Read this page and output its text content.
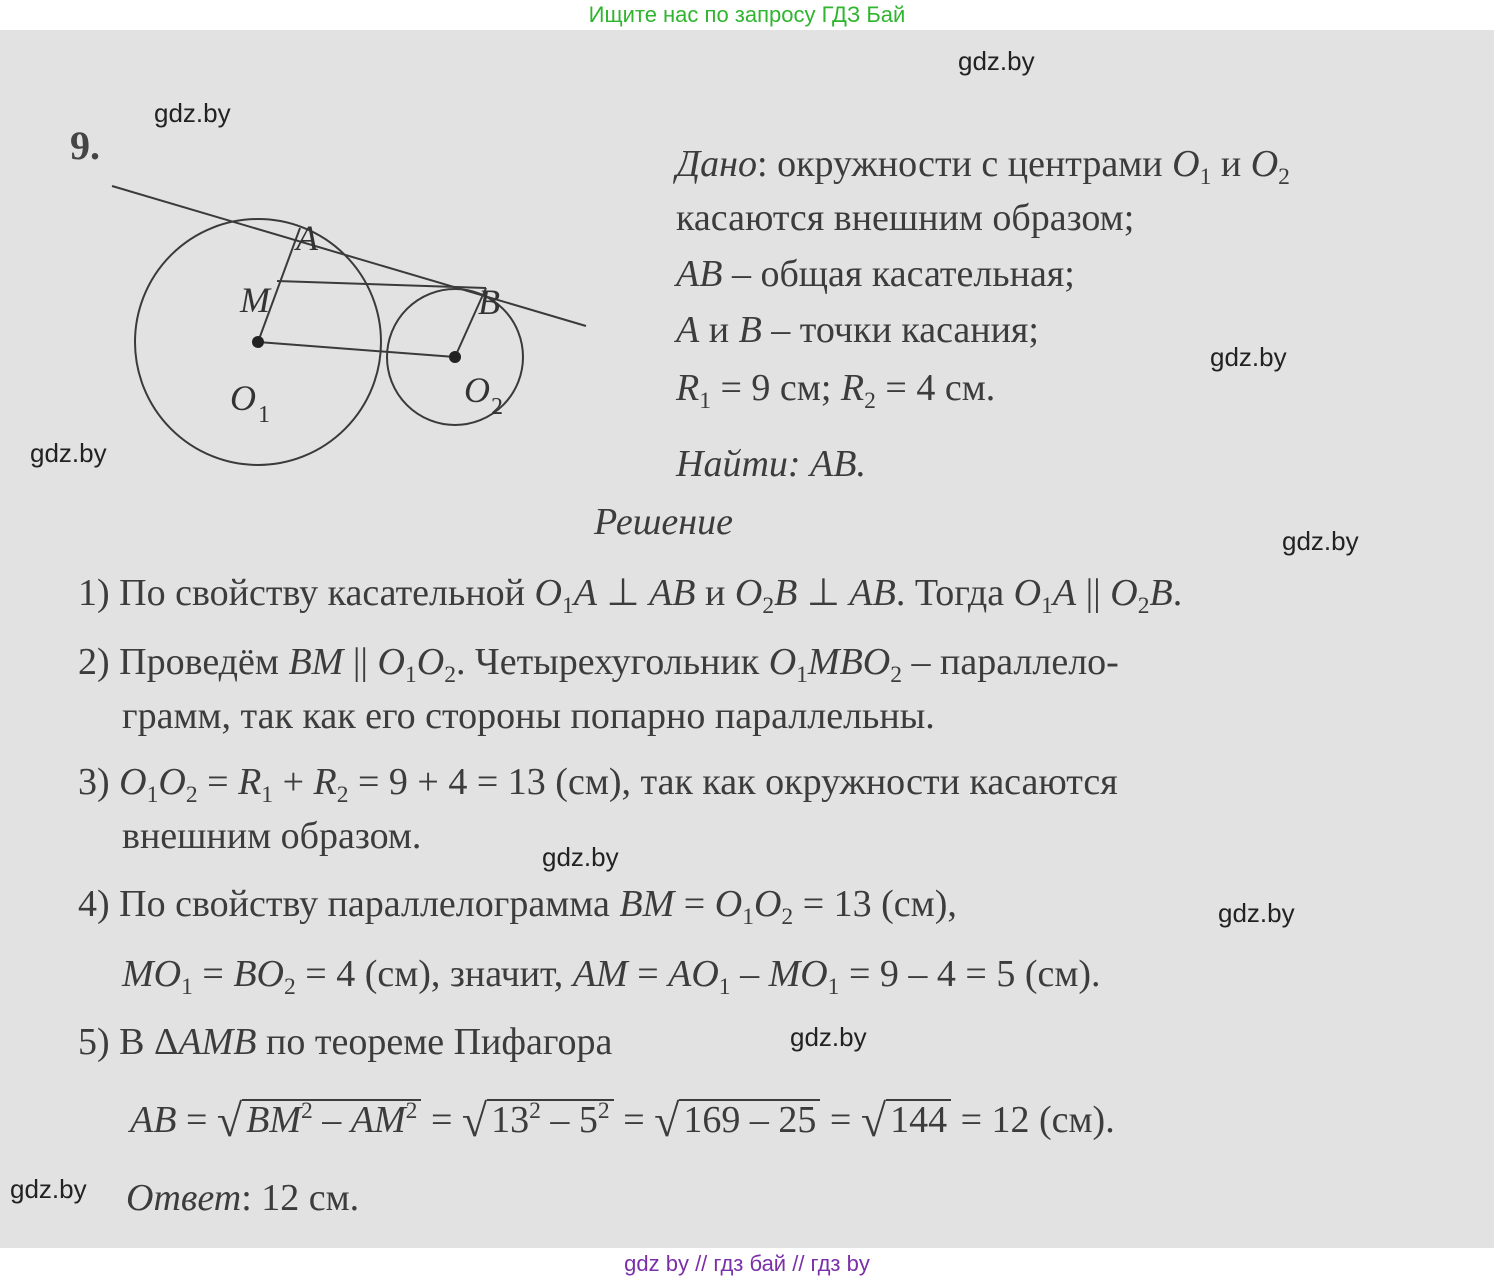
Ищите нас по запросу ГДЗ Бай
gdz.by
gdz.by
gdz.by
gdz.by
gdz.by
gdz.by
gdz.by
gdz.by
gdz.by
9.
A
M	B
O	O
1	2
Дано: окружности с центрами $O_1$ и $O_2$
касаются внешним образом;
AB – общая касательная;
A и B – точки касания;
$R_1 = 9$ см; $R_2 = 4$ см.
Найти: AB.
Решение
1) По свойству касательной $O_1A$ ⊥ AB и $O_2B$ ⊥ AB. Тогда $O_1A$ || $O_2B$.
2) Проведём BM || $O_1O_2$. Четырехугольник $O_1MBO_2$ – параллело-
грамм, так как его стороны попарно параллельны.
3) $O_1O_2 = R_1 + R_2 = 9 + 4 = 13$ (см), так как окружности касаются
внешним образом.
4) По свойству параллелограмма BM = $O_1O_2 = 13$ (см),
$MO_1 = BO_2 = 4$ (см), значит, AM = $AO_1 - MO_1 = 9 - 4 = 5$ (см).
5) В ΔAMB по теореме Пифагора
AB = √ $BM^2 - AM^2$ = √ $13^2 - 5^2$ = √ 169 – 25 = √ 144 = 12 (см).
Ответ: 12 см.
gdz by // гдз бай // гдз by
